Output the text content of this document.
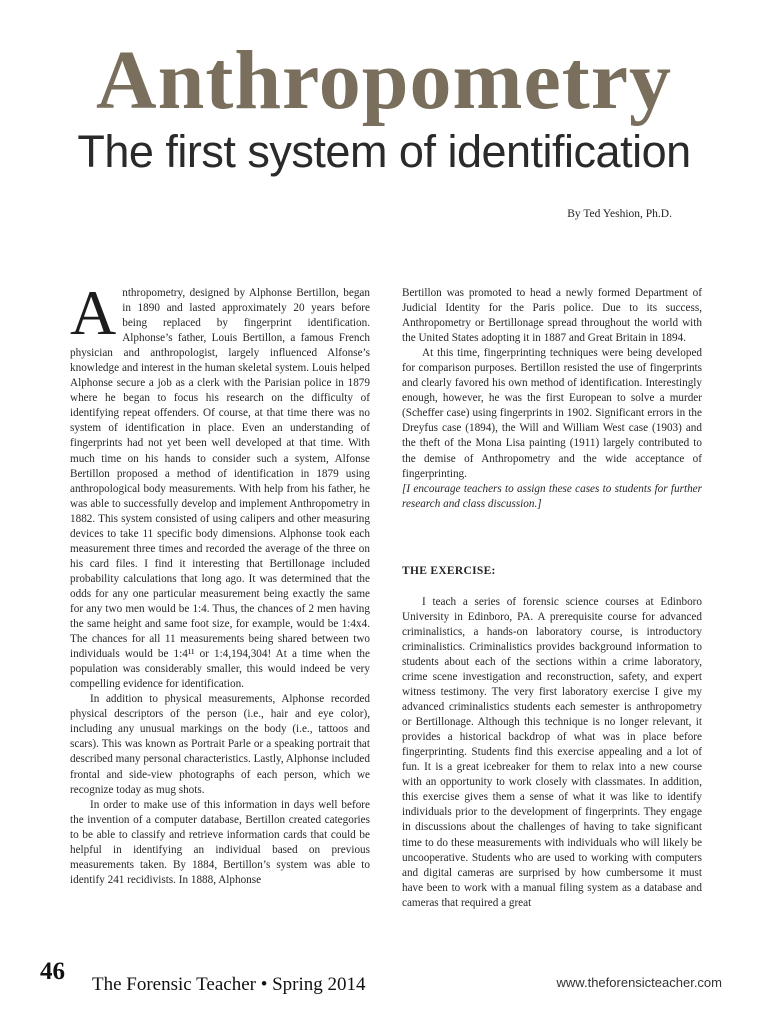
Anthropometry
The first system of identification
By Ted Yeshion, Ph.D.

Anthropometry, designed by Alphonse Bertillon, began in 1890 and lasted approximately 20 years before being replaced by fingerprint identification. Alphonse’s father, Louis Bertillon, a famous French physician and anthropologist, largely influenced Alfonse’s knowledge and interest in the human skeletal system. Louis helped Alphonse secure a job as a clerk with the Parisian police in 1879 where he began to focus his research on the difficulty of identifying repeat offenders. Of course, at that time there was no system of identification in place. Even an understanding of fingerprints had not yet been well developed at that time. With much time on his hands to consider such a system, Alfonse Bertillon proposed a method of identification in 1879 using anthropological body measurements. With help from his father, he was able to successfully develop and implement Anthropometry in 1882. This system consisted of using calipers and other measuring devices to take 11 specific body dimensions. Alphonse took each measurement three times and recorded the average of the three on his card files. I find it interesting that Bertillonage included probability calculations that long ago. It was determined that the odds for any one particular measurement being exactly the same for any two men would be 1:4. Thus, the chances of 2 men having the same height and same foot size, for example, would be 1:4x4. The chances for all 11 measurements being shared between two individuals would be 1:4¹¹ or 1:4,194,304! At a time when the population was considerably smaller, this would indeed be very compelling evidence for identification.

In addition to physical measurements, Alphonse recorded physical descriptors of the person (i.e., hair and eye color), including any unusual markings on the body (i.e., tattoos and scars). This was known as Portrait Parle or a speaking portrait that described many personal characteristics. Lastly, Alphonse included frontal and side-view photographs of each person, which we recognize today as mug shots.

In order to make use of this information in days well before the invention of a computer database, Bertillon created categories to be able to classify and retrieve information cards that could be helpful in identifying an individual based on previous measurements taken. By 1884, Bertillon’s system was able to identify 241 recidivists. In 1888, Alphonse

Bertillon was promoted to head a newly formed Department of Judicial Identity for the Paris police. Due to its success, Anthropometry or Bertillonage spread throughout the world with the United States adopting it in 1887 and Great Britain in 1894.

At this time, fingerprinting techniques were being developed for comparison purposes. Bertillon resisted the use of fingerprints and clearly favored his own method of identification. Interestingly enough, however, he was the first European to solve a murder (Scheffer case) using fingerprints in 1902. Significant errors in the Dreyfus case (1894), the Will and William West case (1903) and the theft of the Mona Lisa painting (1911) largely contributed to the demise of Anthropometry and the wide acceptance of fingerprinting.

[I encourage teachers to assign these cases to students for further research and class discussion.]

THE EXERCISE:

I teach a series of forensic science courses at Edinboro University in Edinboro, PA. A prerequisite course for advanced criminalistics, a hands-on laboratory course, is introductory criminalistics. Criminalistics provides background information to students about each of the sections within a crime laboratory, crime scene investigation and reconstruction, safety, and expert witness testimony. The very first laboratory exercise I give my advanced criminalistics students each semester is anthropometry or Bertillonage. Although this technique is no longer relevant, it provides a historical backdrop of what was in place before fingerprinting. Students find this exercise appealing and a lot of fun. It is a great icebreaker for them to relax into a new course with an opportunity to work closely with classmates. In addition, this exercise gives them a sense of what it was like to identify individuals prior to the development of fingerprints. They engage in discussions about the challenges of having to take significant time to do these measurements with individuals who will likely be uncooperative. Students who are used to working with computers and digital cameras are surprised by how cumbersome it must have been to work with a manual filing system as a database and cameras that required a great

46 The Forensic Teacher • Spring 2014	www.theforensicteacher.com
